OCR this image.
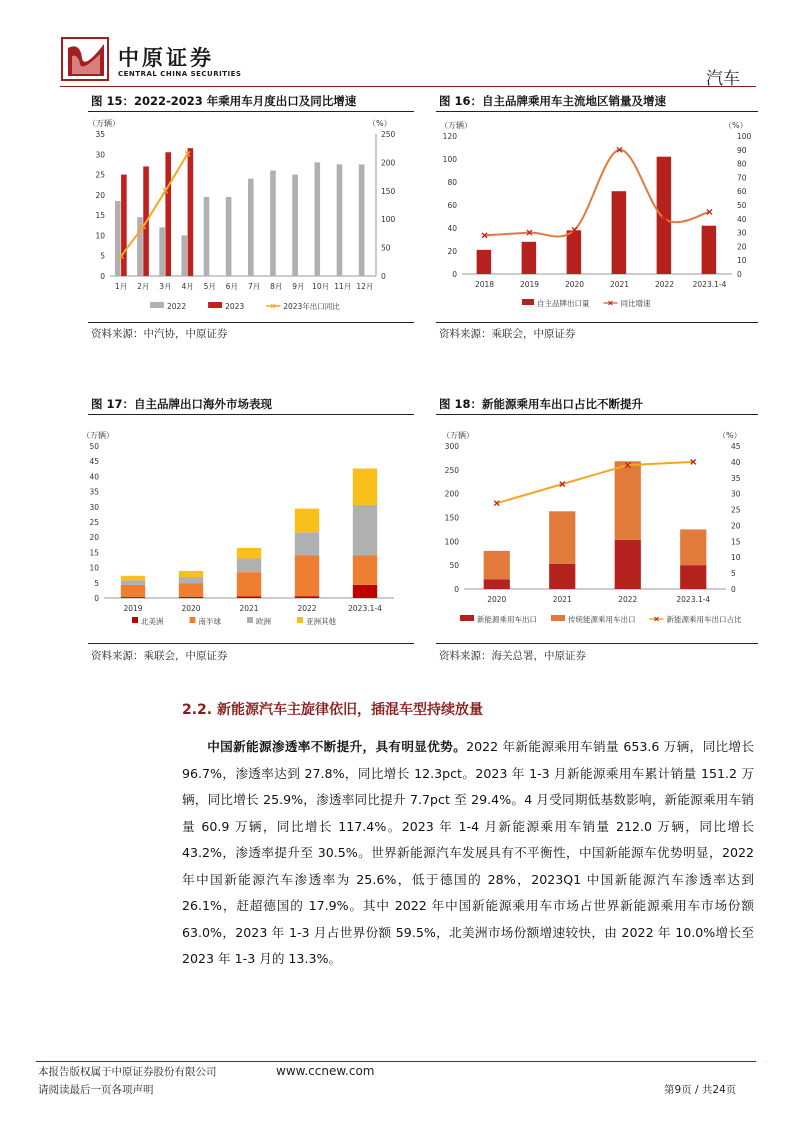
中原证券
CENTRAL CHINA SECURITIES	汽车
图 15：2022-2023 年乘用车月度出口及同比增速	图 16：自主品牌乘用车主流地区销量及增速
（万辆）	（%）
0
5
10
15
20
25
30
35
0
50
100
150
200
250
1月 2月 3月 4月 5月 6月 7月 8月 9月 10月 11月 12月
2022	2023	2023年出口同比
（万辆）	（%）
0
20
40
60
80
100
120
0
10
20
30
40
50
60
70
80
90
100
2018	2019	2020	2021	2022 2023.1-4
自主品牌出口量	同比增速
资料来源：中汽协，中原证券	资料来源：乘联会，中原证券
图 17：自主品牌出口海外市场表现	图 18：新能源乘用车出口占比不断提升
（万辆）
0
5
10
15
20
25
30
35
40
45
50
2019	2020	2021	2022	2023.1-4
北美洲	南半球	欧洲	亚洲其他
（万辆）	（%）
0
50
100
150
200
250
300
0
5
10
15
20
25
30
35
40
45
2020	2021	2022	2023.1-4
新能源乘用车出口	传统能源乘用车出口	新能源乘用车出口占比
资料来源：乘联会，中原证券	资料来源：海关总署，中原证券
2.2. 新能源汽车主旋律依旧，插混车型持续放量
中国新能源渗透率不断提升，具有明显优势。2022 年新能源乘用车销量 653.6 万辆，同比增长 96.7%，渗透率达到 27.8%，同比增长 12.3pct。2023 年 1-3 月新能源乘用车累计销量 151.2 万辆，同比增长 25.9%，渗透率同比提升 7.7pct 至 29.4%。4 月受同期低基数影响，新能源乘用车销量 60.9 万辆，同比增长 117.4%。2023 年 1-4 月新能源乘用车销量 212.0 万辆，同比增长 43.2%，渗透率提升至 30.5%。世界新能源汽车发展具有不平衡性，中国新能源车优势明显，2022 年中国新能源汽车渗透率为 25.6%，低于德国的 28%，2023Q1 中国新能源汽车渗透率达到 26.1%，赶超德国的 17.9%。其中 2022 年中国新能源乘用车市场占世界新能源乘用车市场份额 63.0%，2023 年 1-3 月占世界份额 59.5%，北美洲市场份额增速较快，由 2022 年 10.0%增长至 2023 年 1-3 月的 13.3%。
本报告版权属于中原证券股份有限公司	www.ccnew.com
请阅读最后一页各项声明	第9页 / 共24页
